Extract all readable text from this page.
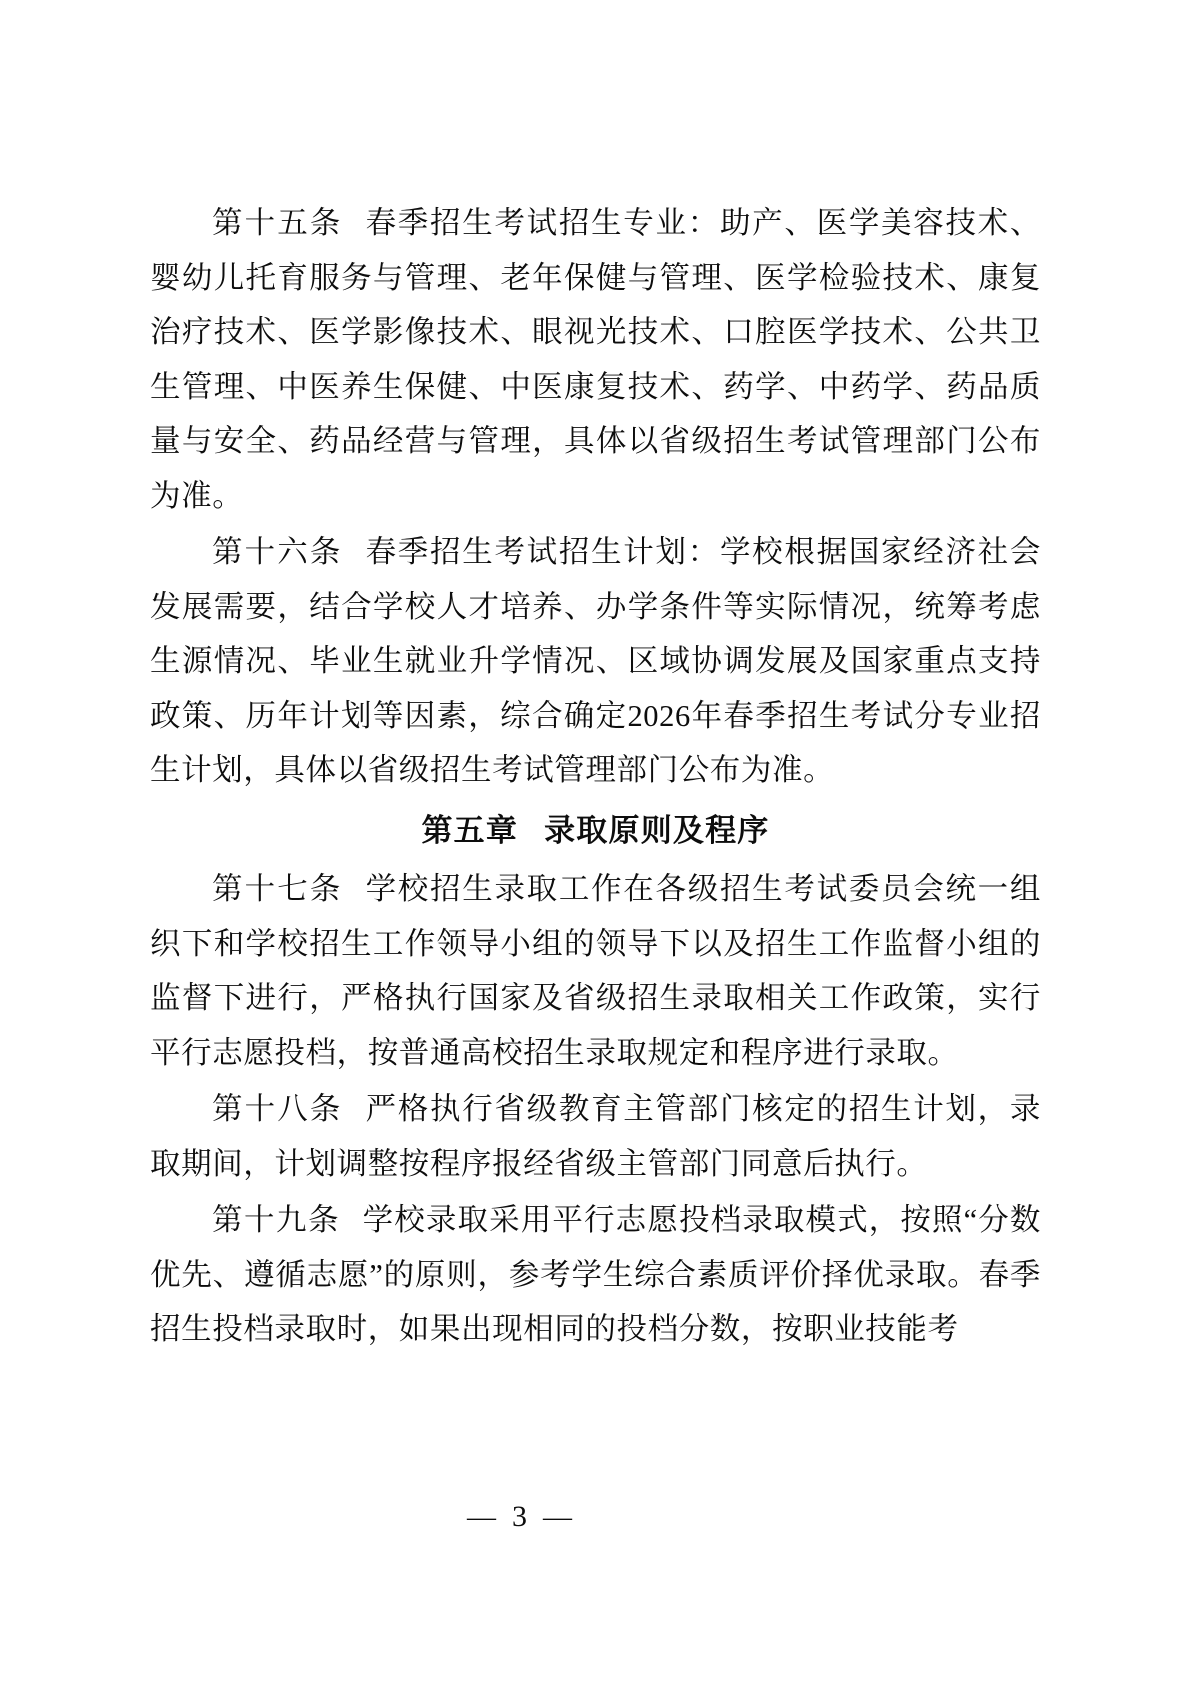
第十五条 春季招生考试招生专业：助产、医学美容技术、婴幼儿托育服务与管理、老年保健与管理、医学检验技术、康复治疗技术、医学影像技术、眼视光技术、口腔医学技术、公共卫生管理、中医养生保健、中医康复技术、药学、中药学、药品质量与安全、药品经营与管理，具体以省级招生考试管理部门公布为准。

第十六条 春季招生考试招生计划：学校根据国家经济社会发展需要，结合学校人才培养、办学条件等实际情况，统筹考虑生源情况、毕业生就业升学情况、区域协调发展及国家重点支持政策、历年计划等因素，综合确定2026年春季招生考试分专业招生计划，具体以省级招生考试管理部门公布为准。

第五章 录取原则及程序

第十七条 学校招生录取工作在各级招生考试委员会统一组织下和学校招生工作领导小组的领导下以及招生工作监督小组的监督下进行，严格执行国家及省级招生录取相关工作政策，实行平行志愿投档，按普通高校招生录取规定和程序进行录取。

第十八条 严格执行省级教育主管部门核定的招生计划，录取期间，计划调整按程序报经省级主管部门同意后执行。

第十九条 学校录取采用平行志愿投档录取模式，按照“分数优先、遵循志愿”的原则，参考学生综合素质评价择优录取。春季招生投档录取时，如果出现相同的投档分数，按职业技能考

— 3 —
